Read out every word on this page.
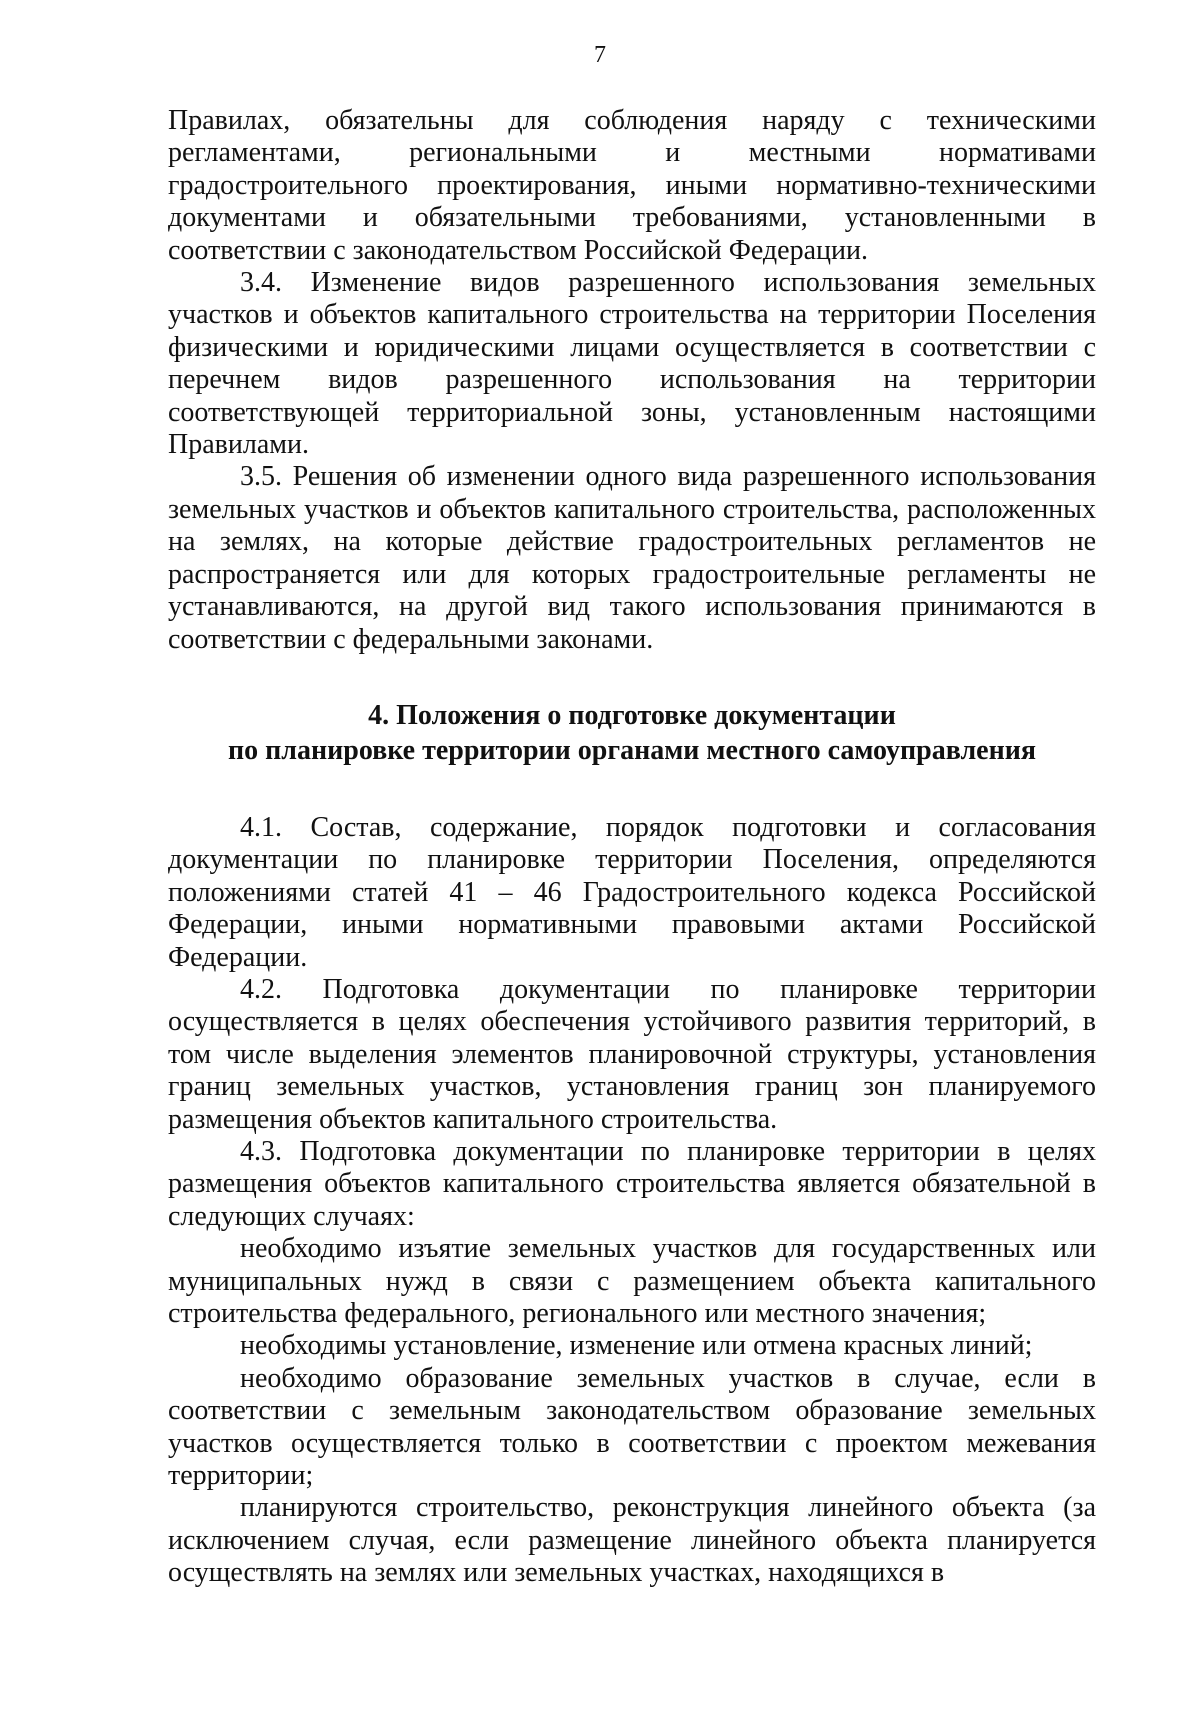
7

Правилах, обязательны для соблюдения наряду с техническими регламентами, региональными и местными нормативами градостроительного проектирования, иными нормативно-техническими документами и обязательными требованиями, установленными в соответствии с законодательством Российской Федерации.

3.4. Изменение видов разрешенного использования земельных участков и объектов капитального строительства на территории Поселения физическими и юридическими лицами осуществляется в соответствии с перечнем видов разрешенного использования на территории соответствующей территориальной зоны, установленным настоящими Правилами.

3.5. Решения об изменении одного вида разрешенного использования земельных участков и объектов капитального строительства, расположенных на землях, на которые действие градостроительных регламентов не распространяется или для которых градостроительные регламенты не устанавливаются, на другой вид такого использования принимаются в соответствии с федеральными законами.

4. Положения о подготовке документации
по планировке территории органами местного самоуправления

4.1. Состав, содержание, порядок подготовки и согласования документации по планировке территории Поселения, определяются положениями статей 41 – 46 Градостроительного кодекса Российской Федерации, иными нормативными правовыми актами Российской Федерации.

4.2. Подготовка документации по планировке территории осуществляется в целях обеспечения устойчивого развития территорий, в том числе выделения элементов планировочной структуры, установления границ земельных участков, установления границ зон планируемого размещения объектов капитального строительства.

4.3. Подготовка документации по планировке территории в целях размещения объектов капитального строительства является обязательной в следующих случаях:

необходимо изъятие земельных участков для государственных или муниципальных нужд в связи с размещением объекта капитального строительства федерального, регионального или местного значения;

необходимы установление, изменение или отмена красных линий;

необходимо образование земельных участков в случае, если в соответствии с земельным законодательством образование земельных участков осуществляется только в соответствии с проектом межевания территории;

планируются строительство, реконструкция линейного объекта (за исключением случая, если размещение линейного объекта планируется осуществлять на землях или земельных участках, находящихся в
